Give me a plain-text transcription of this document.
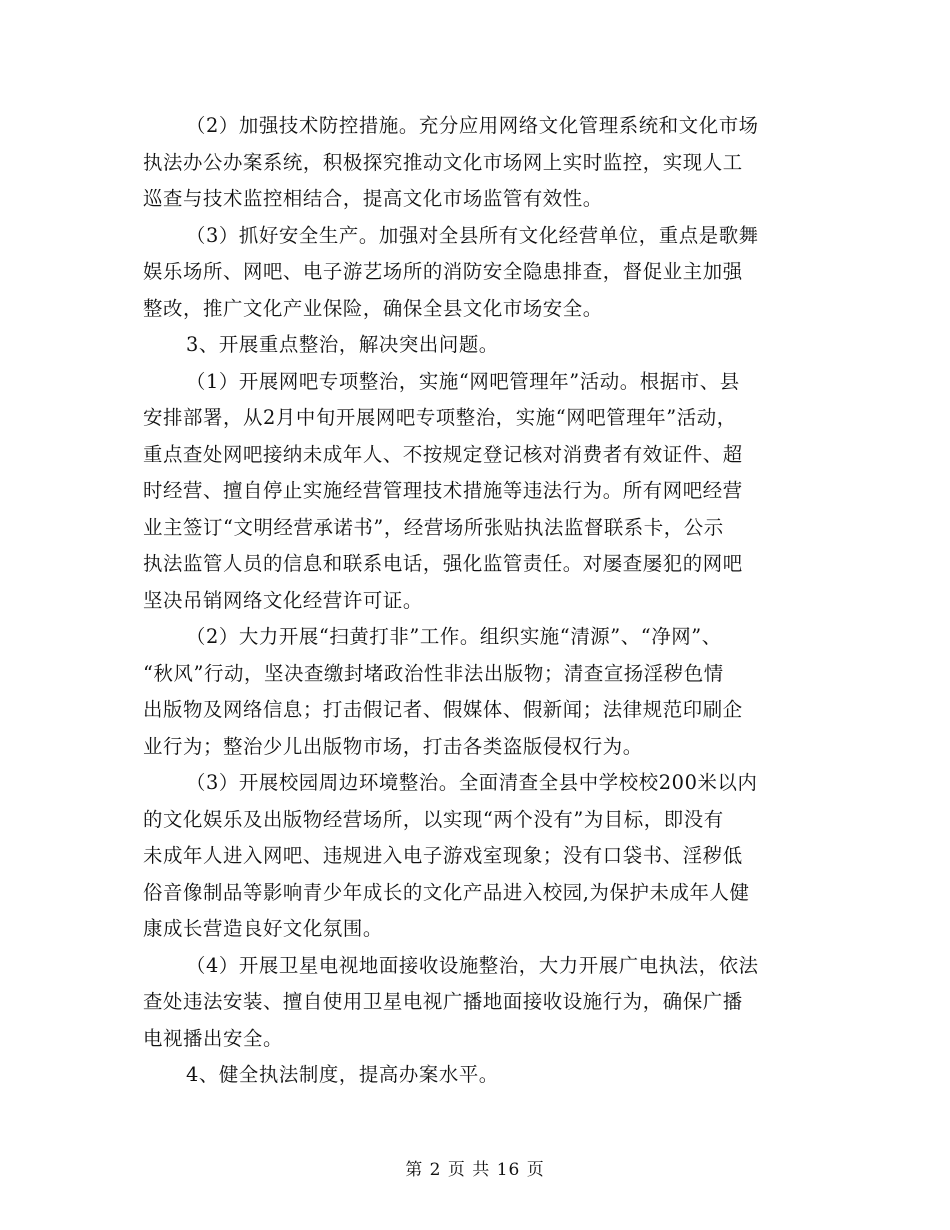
（2）加强技术防控措施。充分应用网络文化管理系统和文化市场
执法办公办案系统，积极探究推动文化市场网上实时监控，实现人工
巡查与技术监控相结合，提高文化市场监管有效性。
（3）抓好安全生产。加强对全县所有文化经营单位，重点是歌舞
娱乐场所、网吧、电子游艺场所的消防安全隐患排查，督促业主加强
整改，推广文化产业保险，确保全县文化市场安全。
3、开展重点整治，解决突出问题。
（1）开展网吧专项整治，实施“网吧管理年”活动。根据市、县
安排部署，从2月中旬开展网吧专项整治，实施“网吧管理年”活动，
重点查处网吧接纳未成年人、不按规定登记核对消费者有效证件、超
时经营、擅自停止实施经营管理技术措施等违法行为。所有网吧经营
业主签订“文明经营承诺书”，经营场所张贴执法监督联系卡，公示
执法监管人员的信息和联系电话，强化监管责任。对屡查屡犯的网吧
坚决吊销网络文化经营许可证。
（2）大力开展“扫黄打非”工作。组织实施“清源”、“净网”、
“秋风”行动，坚决查缴封堵政治性非法出版物；清查宣扬淫秽色情
出版物及网络信息；打击假记者、假媒体、假新闻；法律规范印刷企
业行为；整治少儿出版物市场，打击各类盗版侵权行为。
（3）开展校园周边环境整治。全面清查全县中学校校200米以内
的文化娱乐及出版物经营场所，以实现“两个没有”为目标，即没有
未成年人进入网吧、违规进入电子游戏室现象；没有口袋书、淫秽低
俗音像制品等影响青少年成长的文化产品进入校园,为保护未成年人健
康成长营造良好文化氛围。
（4）开展卫星电视地面接收设施整治，大力开展广电执法，依法
查处违法安装、擅自使用卫星电视广播地面接收设施行为，确保广播
电视播出安全。
4、健全执法制度，提高办案水平。
第 2 页 共 16 页
